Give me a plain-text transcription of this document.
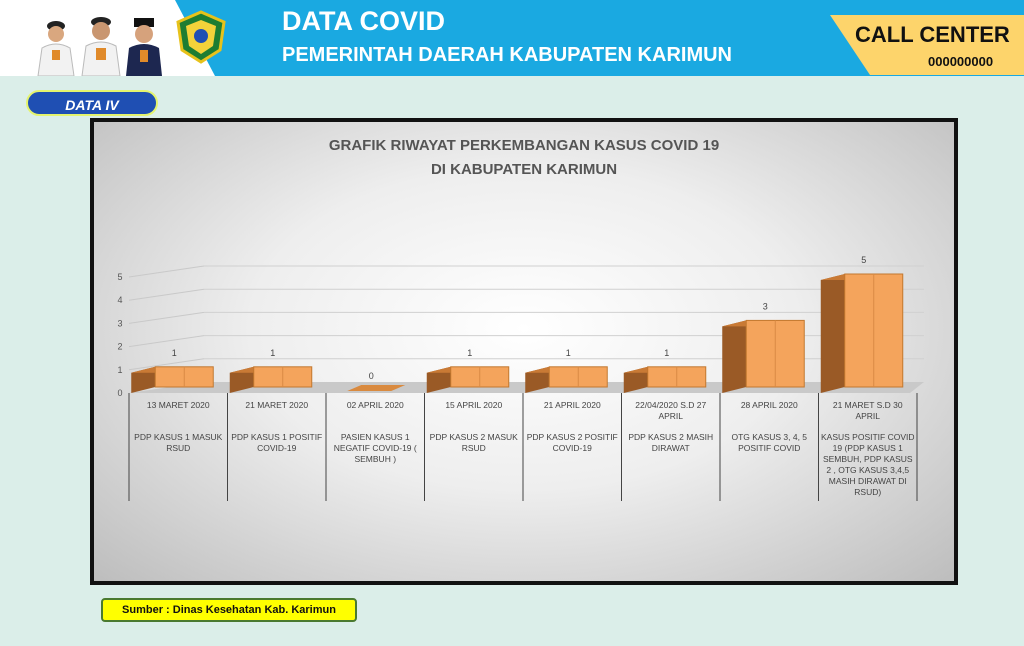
DATA COVID
PEMERINTAH DAERAH KABUPATEN KARIMUN
CALL CENTER
000000000
DATA IV
GRAFIK RIWAYAT PERKEMBANGAN KASUS COVID 19
DI KABUPATEN KARIMUN
0
1
2
3
4
5
1	1
0
1	1	1
3
5
13 MARET 2020
PDP KASUS 1 MASUK
RSUD
21 MARET 2020
PDP KASUS 1 POSITIF
COVID-19
02 APRIL 2020
PASIEN KASUS 1
NEGATIF COVID-19 (
SEMBUH )
15 APRIL 2020
PDP KASUS 2 MASUK
RSUD
21 APRIL 2020
PDP KASUS 2 POSITIF
COVID-19
22/04/2020 S.D 27
APRIL
PDP KASUS 2 MASIH
DIRAWAT
28 APRIL 2020
OTG KASUS 3, 4, 5
POSITIF COVID
21 MARET S.D 30
APRIL
KASUS POSITIF COVID
19 (PDP KASUS 1
SEMBUH, PDP KASUS
2 , OTG KASUS 3,4,5
MASIH DIRAWAT DI
RSUD)
Sumber : Dinas Kesehatan Kab. Karimun
